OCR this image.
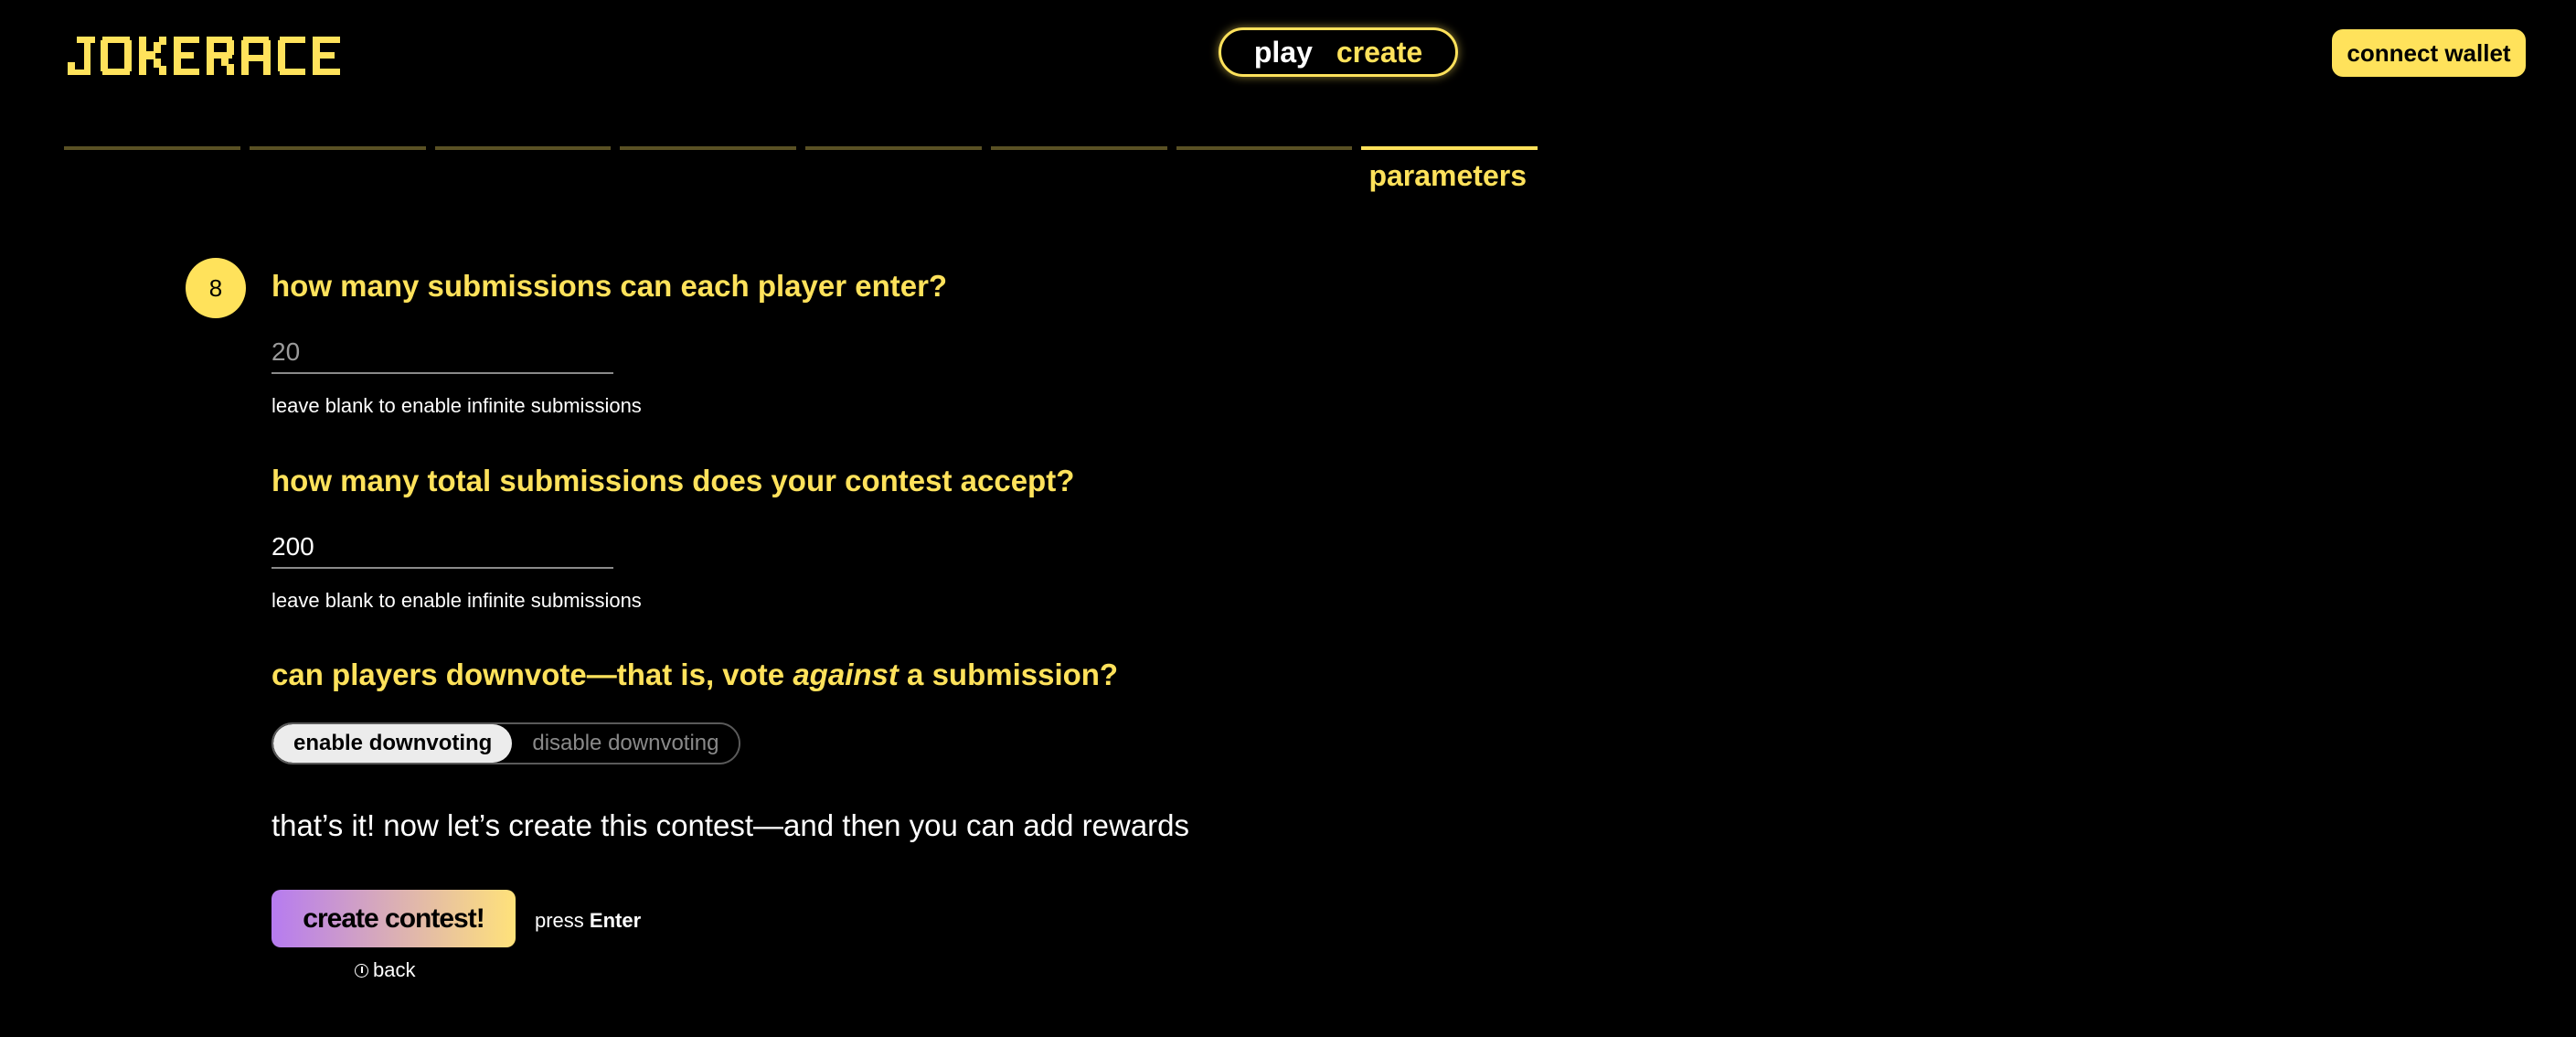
play create	connect wallet
parameters
8	how many submissions can each player enter?
20
leave blank to enable infinite submissions
how many total submissions does your contest accept?
200
leave blank to enable infinite submissions
can players downvote—that is, vote against a submission?
enable downvoting	disable downvoting
that’s it! now let’s create this contest—and then you can add rewards
create contest!	press Enter
back
